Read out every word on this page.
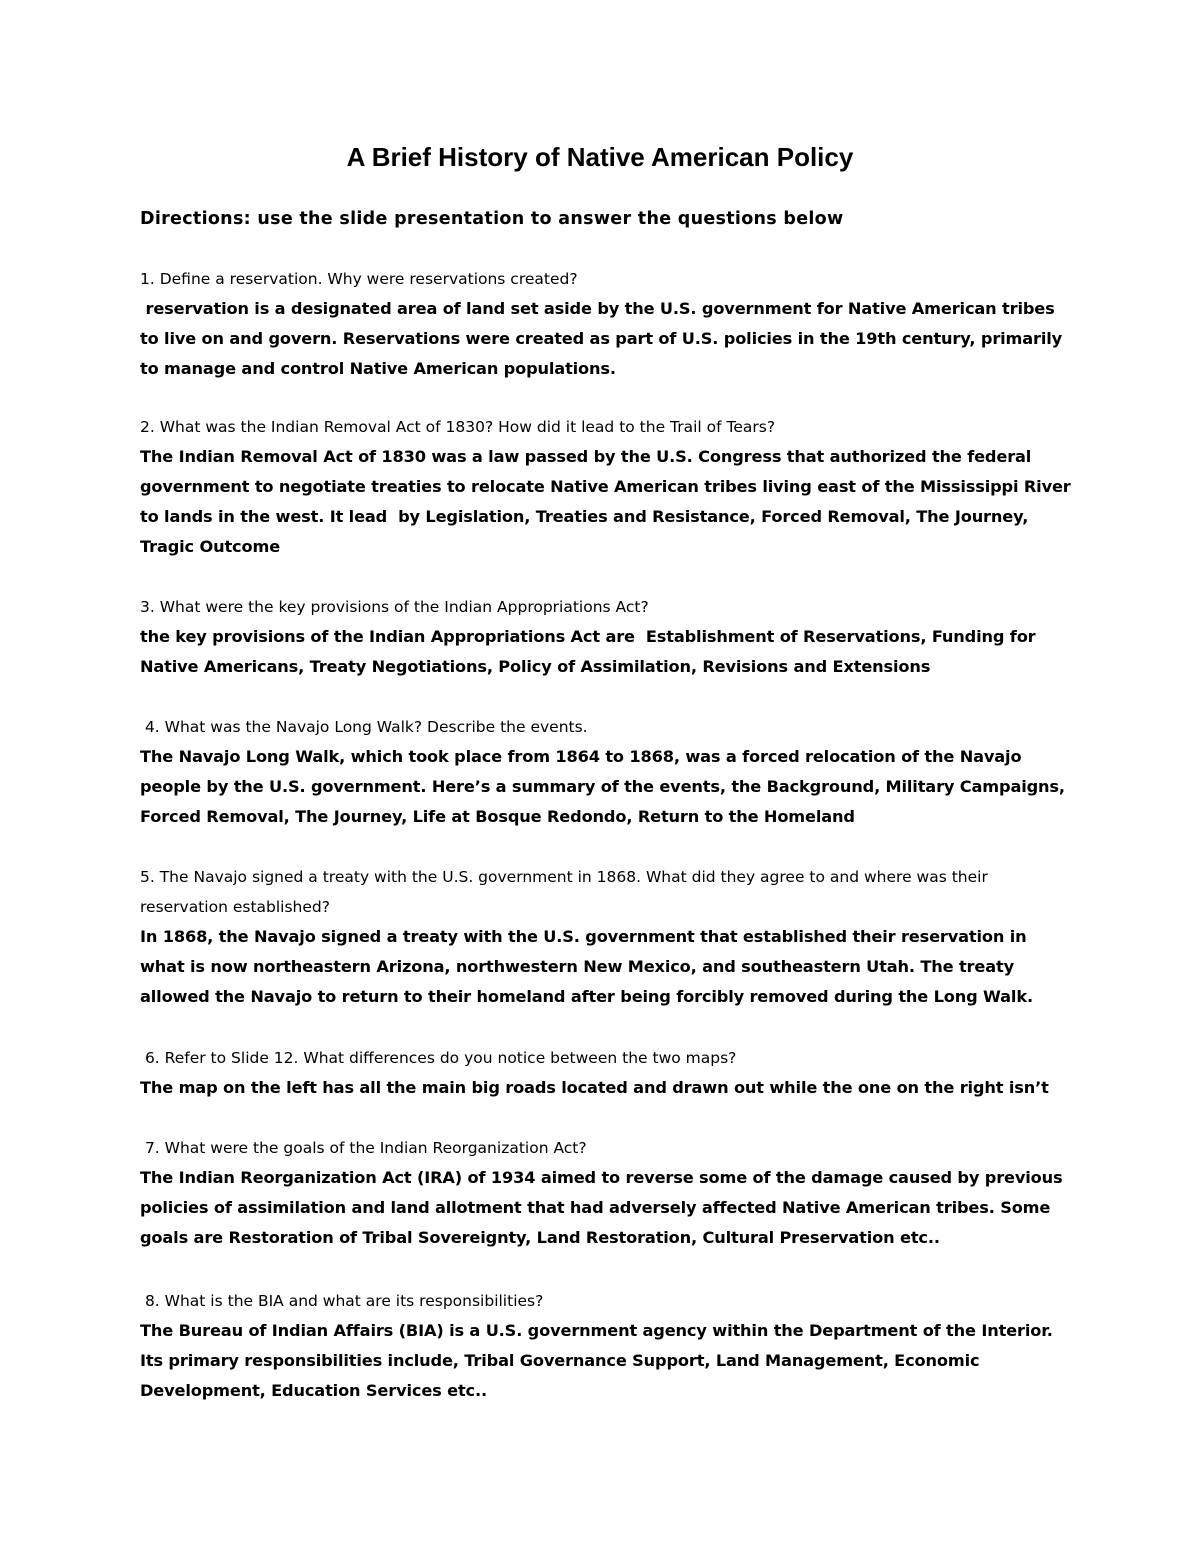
A Brief History of Native American Policy
Directions: use the slide presentation to answer the questions below
1. Define a reservation. Why were reservations created?
reservation is a designated area of land set aside by the U.S. government for Native American tribes to live on and govern. Reservations were created as part of U.S. policies in the 19th century, primarily to manage and control Native American populations.
2. What was the Indian Removal Act of 1830? How did it lead to the Trail of Tears?
The Indian Removal Act of 1830 was a law passed by the U.S. Congress that authorized the federal government to negotiate treaties to relocate Native American tribes living east of the Mississippi River to lands in the west. It lead  by Legislation, Treaties and Resistance, Forced Removal, The Journey, Tragic Outcome
3. What were the key provisions of the Indian Appropriations Act?
the key provisions of the Indian Appropriations Act are  Establishment of Reservations, Funding for Native Americans, Treaty Negotiations, Policy of Assimilation, Revisions and Extensions
4. What was the Navajo Long Walk? Describe the events.
The Navajo Long Walk, which took place from 1864 to 1868, was a forced relocation of the Navajo people by the U.S. government. Here’s a summary of the events, the Background, Military Campaigns, Forced Removal, The Journey, Life at Bosque Redondo, Return to the Homeland
5. The Navajo signed a treaty with the U.S. government in 1868. What did they agree to and where was their reservation established?
In 1868, the Navajo signed a treaty with the U.S. government that established their reservation in what is now northeastern Arizona, northwestern New Mexico, and southeastern Utah. The treaty allowed the Navajo to return to their homeland after being forcibly removed during the Long Walk.
6. Refer to Slide 12. What differences do you notice between the two maps?
The map on the left has all the main big roads located and drawn out while the one on the right isn’t
7. What were the goals of the Indian Reorganization Act?
The Indian Reorganization Act (IRA) of 1934 aimed to reverse some of the damage caused by previous policies of assimilation and land allotment that had adversely affected Native American tribes. Some goals are Restoration of Tribal Sovereignty, Land Restoration, Cultural Preservation etc..
8. What is the BIA and what are its responsibilities?
The Bureau of Indian Affairs (BIA) is a U.S. government agency within the Department of the Interior. Its primary responsibilities include, Tribal Governance Support, Land Management, Economic Development, Education Services etc..
